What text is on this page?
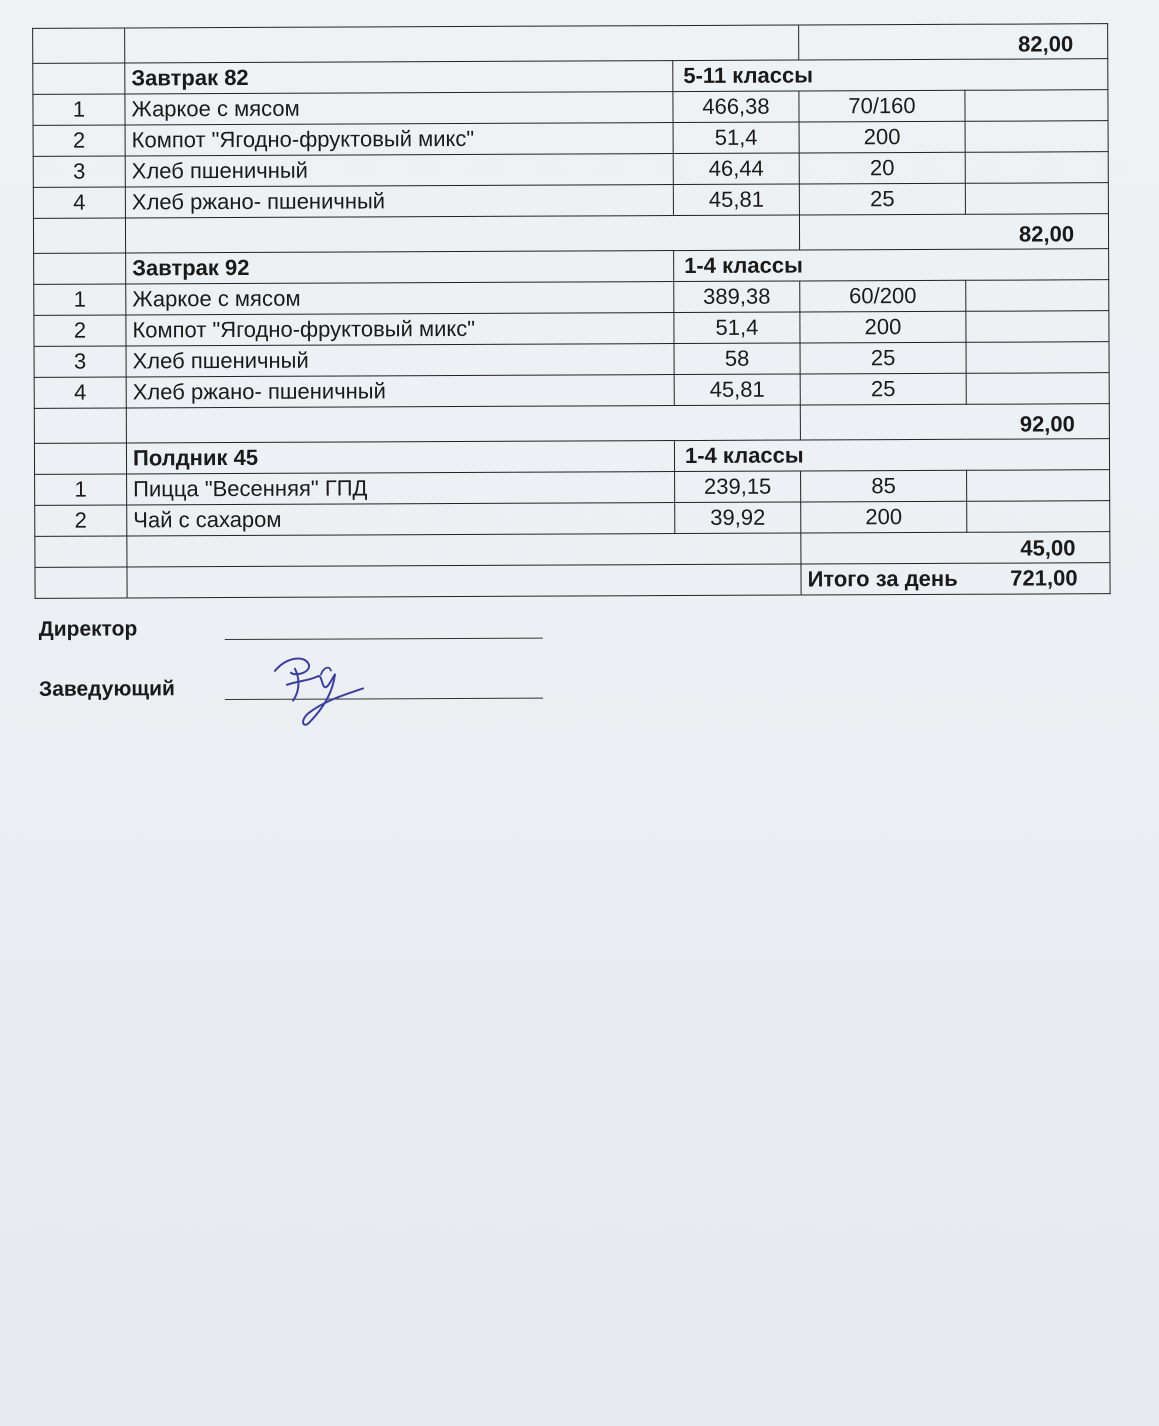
			82,00	
	Завтрак 82	5-11 классы		
1	Жаркое с мясом	466,38	70/160	
2	Компот "Ягодно-фруктовый микс"	51,4	200	
3	Хлеб пшеничный	46,44	20	
4	Хлеб ржано- пшеничный	45,81	25	
			82,00	
	Завтрак 92	1-4 классы		
1	Жаркое с мясом	389,38	60/200	
2	Компот "Ягодно-фруктовый микс"	51,4	200	
3	Хлеб пшеничный	58	25	
4	Хлеб ржано- пшеничный	45,81	25	
			92,00	
	Полдник 45	1-4 классы		
1	Пицца "Весенняя" ГПД	239,15	85	
2	Чай с сахаром	39,92	200	
			45,00	
			Итого за день 721,00	
Директор
Заведующий
